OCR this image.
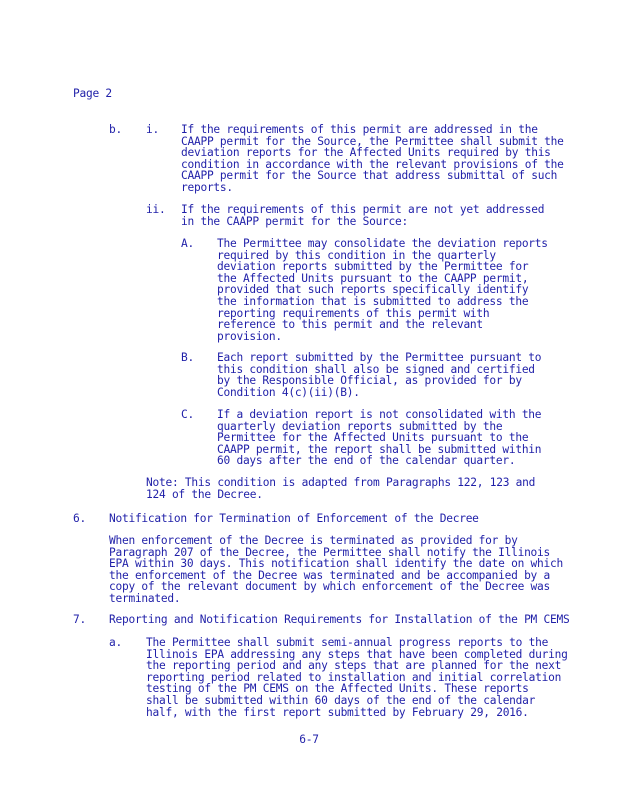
Page 2
b. i. If the requirements of this permit are addressed in the
CAAPP permit for the Source, the Permittee shall submit the
deviation reports for the Affected Units required by this
condition in accordance with the relevant provisions of the
CAAPP permit for the Source that address submittal of such
reports.
ii. If the requirements of this permit are not yet addressed
in the CAAPP permit for the Source:
A. The Permittee may consolidate the deviation reports
required by this condition in the quarterly
deviation reports submitted by the Permittee for
the Affected Units pursuant to the CAAPP permit,
provided that such reports specifically identify
the information that is submitted to address the
reporting requirements of this permit with
reference to this permit and the relevant
provision.
B. Each report submitted by the Permittee pursuant to
this condition shall also be signed and certified
by the Responsible Official, as provided for by
Condition 4(c)(ii)(B).
C. If a deviation report is not consolidated with the
quarterly deviation reports submitted by the
Permittee for the Affected Units pursuant to the
CAAPP permit, the report shall be submitted within
60 days after the end of the calendar quarter.
Note: This condition is adapted from Paragraphs 122, 123 and
124 of the Decree.
6. Notification for Termination of Enforcement of the Decree
When enforcement of the Decree is terminated as provided for by
Paragraph 207 of the Decree, the Permittee shall notify the Illinois
EPA within 30 days. This notification shall identify the date on which
the enforcement of the Decree was terminated and be accompanied by a
copy of the relevant document by which enforcement of the Decree was
terminated.
7. Reporting and Notification Requirements for Installation of the PM CEMS
a. The Permittee shall submit semi-annual progress reports to the
Illinois EPA addressing any steps that have been completed during
the reporting period and any steps that are planned for the next
reporting period related to installation and initial correlation
testing of the PM CEMS on the Affected Units. These reports
shall be submitted within 60 days of the end of the calendar
half, with the first report submitted by February 29, 2016.
6-7
